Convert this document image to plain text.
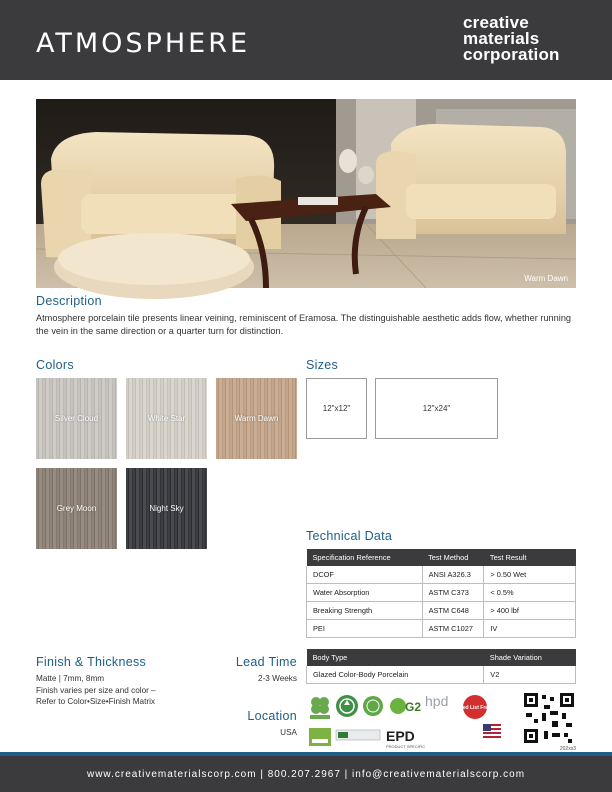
ATMOSPHERE
creative
materials
corporation
Warm Dawn
Description
Atmosphere porcelain tile presents linear veining, reminiscent of Eramosa. The distinguishable aesthetic adds flow, whether running the vein in the same direction or a quarter turn for distinction.
Colors
Silver Cloud	White Star	Warm Dawn
Grey Moon	Night Sky
Sizes
12"x12"	12"x24"
Technical Data
Specification Reference	Test Method	Test Result
DCOF	ANSI A326.3	> 0.50 Wet
Water Absorption	ASTM C373	< 0.5%
Breaking Strength	ASTM C648	> 400 lbf
PEI	ASTM C1027	IV
Body Type	Shade Variation
Glazed Color-Body Porcelain	V2
Finish & Thickness
Matte | 7mm, 8mm
Finish varies per size and color –
Refer to Color•Size•Finish Matrix
Lead Time
2-3 Weeks
Location
USA
G2 hpd Red List Free
EPD
PRODUCT SPECIFIC	202xx3
www.creativematerialscorp.com | 800.207.2967 | info@creativematerialscorp.com
